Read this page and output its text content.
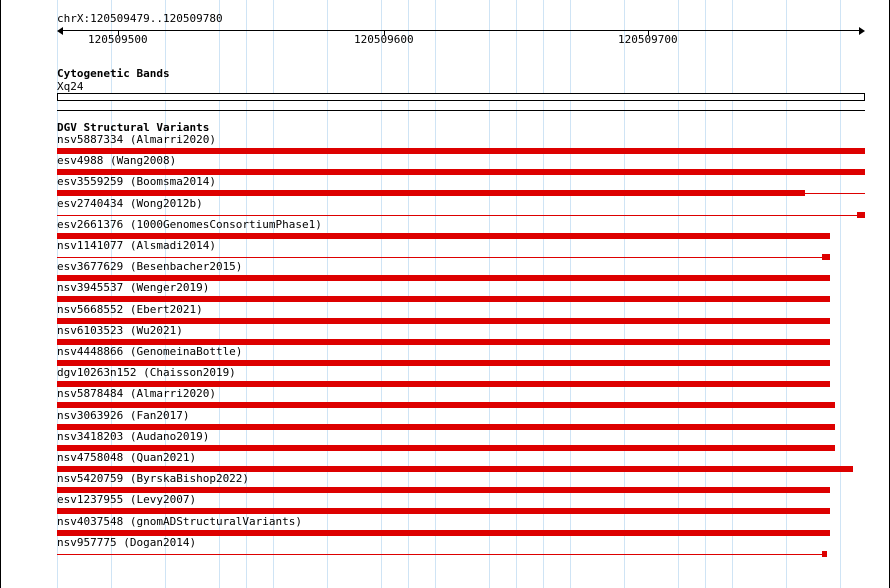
chrX:120509479..120509780
120509500	120509600	120509700
Cytogenetic Bands
Xq24
DGV Structural Variants
nsv5887334 (Almarri2020)
esv4988 (Wang2008)
esv3559259 (Boomsma2014)
esv2740434 (Wong2012b)
esv2661376 (1000GenomesConsortiumPhase1)
nsv1141077 (Alsmadi2014)
esv3677629 (Besenbacher2015)
nsv3945537 (Wenger2019)
nsv5668552 (Ebert2021)
nsv6103523 (Wu2021)
nsv4448866 (GenomeinaBottle)
dgv10263n152 (Chaisson2019)
nsv5878484 (Almarri2020)
nsv3063926 (Fan2017)
nsv3418203 (Audano2019)
nsv4758048 (Quan2021)
nsv5420759 (ByrskaBishop2022)
esv1237955 (Levy2007)
nsv4037548 (gnomADStructuralVariants)
nsv957775 (Dogan2014)
